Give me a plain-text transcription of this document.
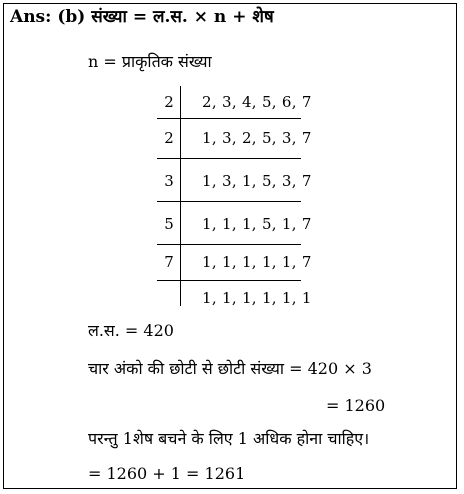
Ans: (b) संख्या = ल.स. × n + शेष
n = प्राकृतिक संख्या
2 2, 3, 4, 5, 6, 7
2 1, 3, 2, 5, 3, 7
3 1, 3, 1, 5, 3, 7
5 1, 1, 1, 5, 1, 7
7 1, 1, 1, 1, 1, 7
1, 1, 1, 1, 1, 1
ल.स. = 420
चार अंको की छोटी से छोटी संख्या = 420 × 3
= 1260
परन्तु 1शेष बचने के लिए 1 अधिक होना चाहिए।
= 1260 + 1 = 1261
